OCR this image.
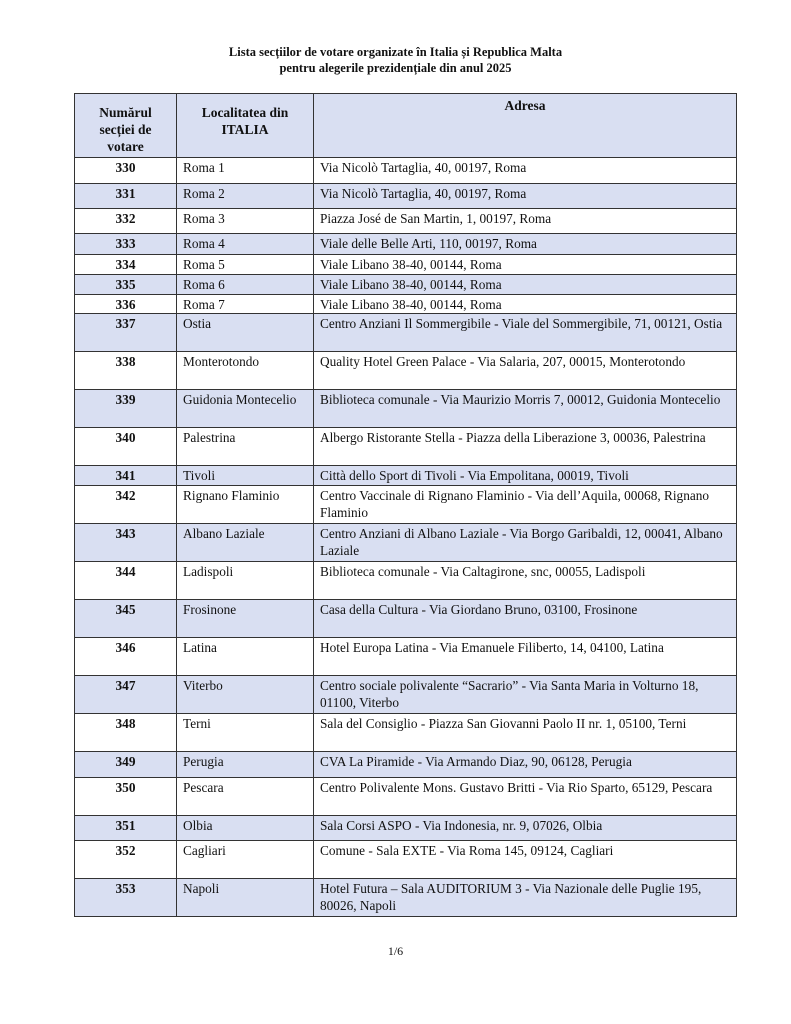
Lista secțiilor de votare organizate în Italia și Republica Malta
pentru alegerile prezidențiale din anul 2025
Numărul secției de votare	Localitatea din ITALIA	Adresa
330	Roma 1	Via Nicolò Tartaglia, 40, 00197, Roma
331	Roma 2	Via Nicolò Tartaglia, 40, 00197, Roma
332	Roma 3	Piazza José de San Martin, 1, 00197, Roma
333	Roma 4	Viale delle Belle Arti, 110, 00197, Roma
334	Roma 5	Viale Libano 38-40, 00144, Roma
335	Roma 6	Viale Libano 38-40, 00144, Roma
336	Roma 7	Viale Libano 38-40, 00144, Roma
337	Ostia	Centro Anziani Il Sommergibile - Viale del Sommergibile, 71, 00121, Ostia
338	Monterotondo	Quality Hotel Green Palace - Via Salaria, 207, 00015, Monterotondo
339	Guidonia Montecelio	Biblioteca comunale - Via Maurizio Morris 7, 00012, Guidonia Montecelio
340	Palestrina	Albergo Ristorante Stella - Piazza della Liberazione 3, 00036, Palestrina
341	Tivoli	Città dello Sport di Tivoli - Via Empolitana, 00019, Tivoli
342	Rignano Flaminio	Centro Vaccinale di Rignano Flaminio - Via dell’Aquila, 00068, Rignano Flaminio
343	Albano Laziale	Centro Anziani di Albano Laziale - Via Borgo Garibaldi, 12, 00041, Albano Laziale
344	Ladispoli	Biblioteca comunale - Via Caltagirone, snc, 00055, Ladispoli
345	Frosinone	Casa della Cultura - Via Giordano Bruno, 03100, Frosinone
346	Latina	Hotel Europa Latina - Via Emanuele Filiberto, 14, 04100, Latina
347	Viterbo	Centro sociale polivalente “Sacrario” - Via Santa Maria in Volturno 18, 01100, Viterbo
348	Terni	Sala del Consiglio - Piazza San Giovanni Paolo II nr. 1, 05100, Terni
349	Perugia	CVA La Piramide - Via Armando Diaz, 90, 06128, Perugia
350	Pescara	Centro Polivalente Mons. Gustavo Britti - Via Rio Sparto, 65129, Pescara
351	Olbia	Sala Corsi ASPO - Via Indonesia, nr. 9, 07026, Olbia
352	Cagliari	Comune - Sala EXTE - Via Roma 145, 09124, Cagliari
353	Napoli	Hotel Futura – Sala AUDITORIUM 3 - Via Nazionale delle Puglie 195, 80026, Napoli
1/6
